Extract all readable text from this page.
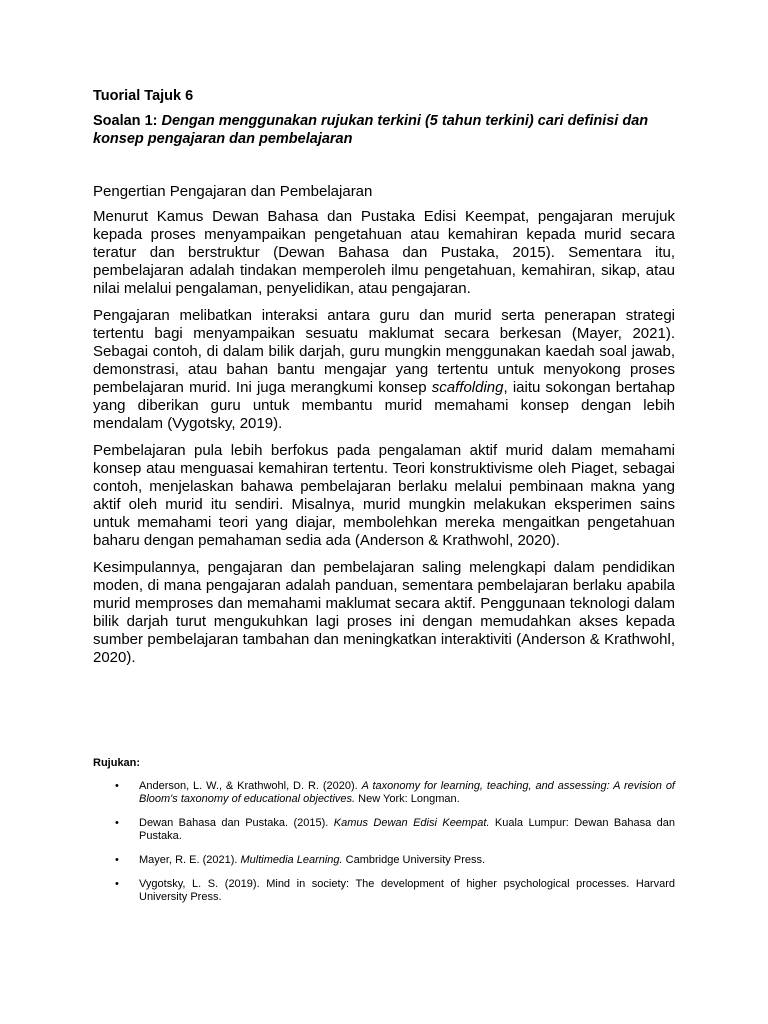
Tuorial Tajuk 6
Soalan 1: Dengan menggunakan rujukan terkini (5 tahun terkini) cari definisi dan konsep pengajaran dan pembelajaran
Pengertian Pengajaran dan Pembelajaran

Menurut Kamus Dewan Bahasa dan Pustaka Edisi Keempat, pengajaran merujuk kepada proses menyampaikan pengetahuan atau kemahiran kepada murid secara teratur dan berstruktur (Dewan Bahasa dan Pustaka, 2015). Sementara itu, pembelajaran adalah tindakan memperoleh ilmu pengetahuan, kemahiran, sikap, atau nilai melalui pengalaman, penyelidikan, atau pengajaran.

Pengajaran melibatkan interaksi antara guru dan murid serta penerapan strategi tertentu bagi menyampaikan sesuatu maklumat secara berkesan (Mayer, 2021). Sebagai contoh, di dalam bilik darjah, guru mungkin menggunakan kaedah soal jawab, demonstrasi, atau bahan bantu mengajar yang tertentu untuk menyokong proses pembelajaran murid. Ini juga merangkumi konsep scaffolding, iaitu sokongan bertahap yang diberikan guru untuk membantu murid memahami konsep dengan lebih mendalam (Vygotsky, 2019).

Pembelajaran pula lebih berfokus pada pengalaman aktif murid dalam memahami konsep atau menguasai kemahiran tertentu. Teori konstruktivisme oleh Piaget, sebagai contoh, menjelaskan bahawa pembelajaran berlaku melalui pembinaan makna yang aktif oleh murid itu sendiri. Misalnya, murid mungkin melakukan eksperimen sains untuk memahami teori yang diajar, membolehkan mereka mengaitkan pengetahuan baharu dengan pemahaman sedia ada (Anderson & Krathwohl, 2020).

Kesimpulannya, pengajaran dan pembelajaran saling melengkapi dalam pendidikan moden, di mana pengajaran adalah panduan, sementara pembelajaran berlaku apabila murid memproses dan memahami maklumat secara aktif. Penggunaan teknologi dalam bilik darjah turut mengukuhkan lagi proses ini dengan memudahkan akses kepada sumber pembelajaran tambahan dan meningkatkan interaktiviti (Anderson & Krathwohl, 2020).

Rujukan:
• Anderson, L. W., & Krathwohl, D. R. (2020). A taxonomy for learning, teaching, and assessing: A revision of Bloom's taxonomy of educational objectives. New York: Longman.
• Dewan Bahasa dan Pustaka. (2015). Kamus Dewan Edisi Keempat. Kuala Lumpur: Dewan Bahasa dan Pustaka.
• Mayer, R. E. (2021). Multimedia Learning. Cambridge University Press.
• Vygotsky, L. S. (2019). Mind in society: The development of higher psychological processes. Harvard University Press.
